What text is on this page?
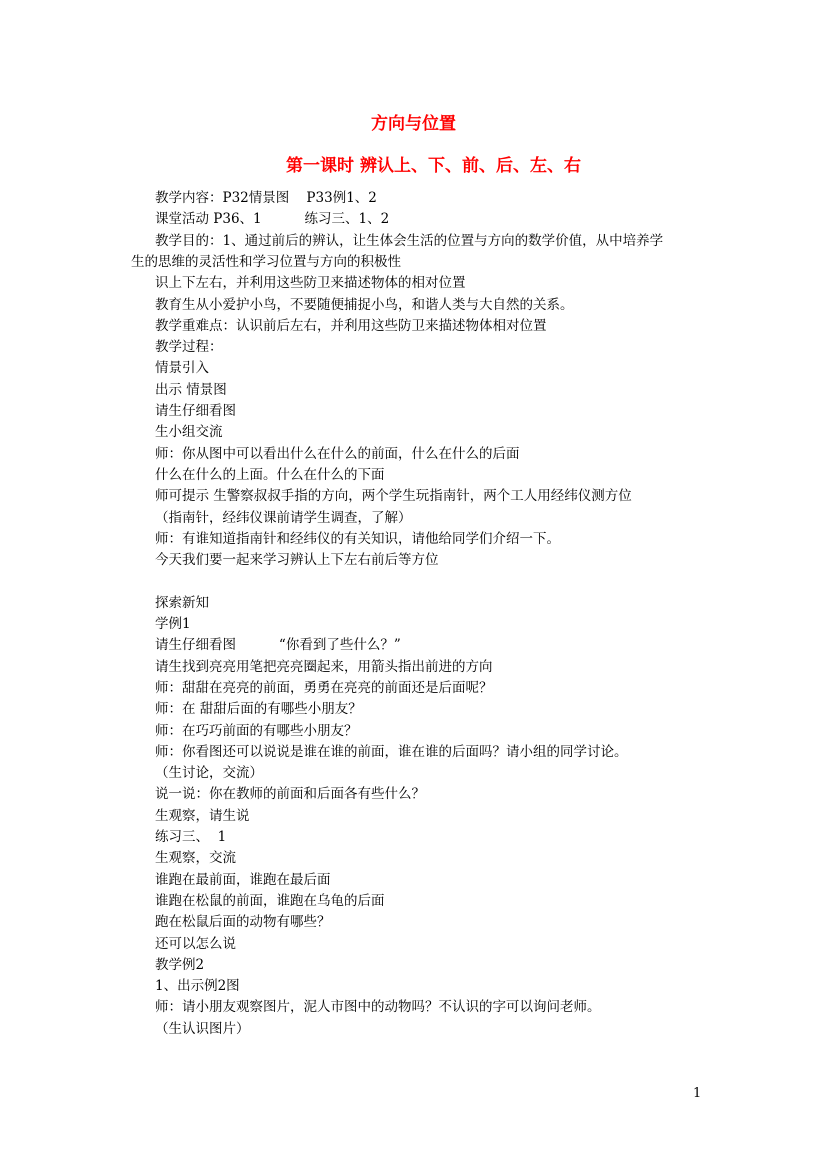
方向与位置
第一课时 辨认上、下、前、后、左、右
教学内容：P32情景图    P33例1、2
课堂活动 P36、1          练习三、1、2
教学目的：1、通过前后的辨认，让生体会生活的位置与方向的数学价值，从中培养学
生的思维的灵活性和学习位置与方向的积极性
识上下左右，并利用这些防卫来描述物体的相对位置
教育生从小爱护小鸟，不要随便捕捉小鸟，和谐人类与大自然的关系。
教学重难点：认识前后左右，并利用这些防卫来描述物体相对位置
教学过程：
情景引入
出示 情景图
请生仔细看图
生小组交流
师：你从图中可以看出什么在什么的前面，什么在什么的后面
什么在什么的上面。什么在什么的下面
师可提示 生警察叔叔手指的方向，两个学生玩指南针，两个工人用经纬仪测方位
（指南针，经纬仪课前请学生调查，了解）
师：有谁知道指南针和经纬仪的有关知识，请他给同学们介绍一下。
今天我们要一起来学习辨认上下左右前后等方位
探索新知
学例1
请生仔细看图          “你看到了些什么？”
请生找到亮亮用笔把亮亮圈起来，用箭头指出前进的方向
师：甜甜在亮亮的前面，勇勇在亮亮的前面还是后面呢？
师：在 甜甜后面的有哪些小朋友？
师：在巧巧前面的有哪些小朋友？
师：你看图还可以说说是谁在谁的前面，谁在谁的后面吗？请小组的同学讨论。
（生讨论，交流）
说一说：你在教师的前面和后面各有些什么？
生观察，请生说
练习三、  1
生观察，交流
谁跑在最前面，谁跑在最后面
谁跑在松鼠的前面，谁跑在乌龟的后面
跑在松鼠后面的动物有哪些？
还可以怎么说
教学例2
1、出示例2图
师：请小朋友观察图片，泥人市图中的动物吗？不认识的字可以询问老师。
（生认识图片）
1
